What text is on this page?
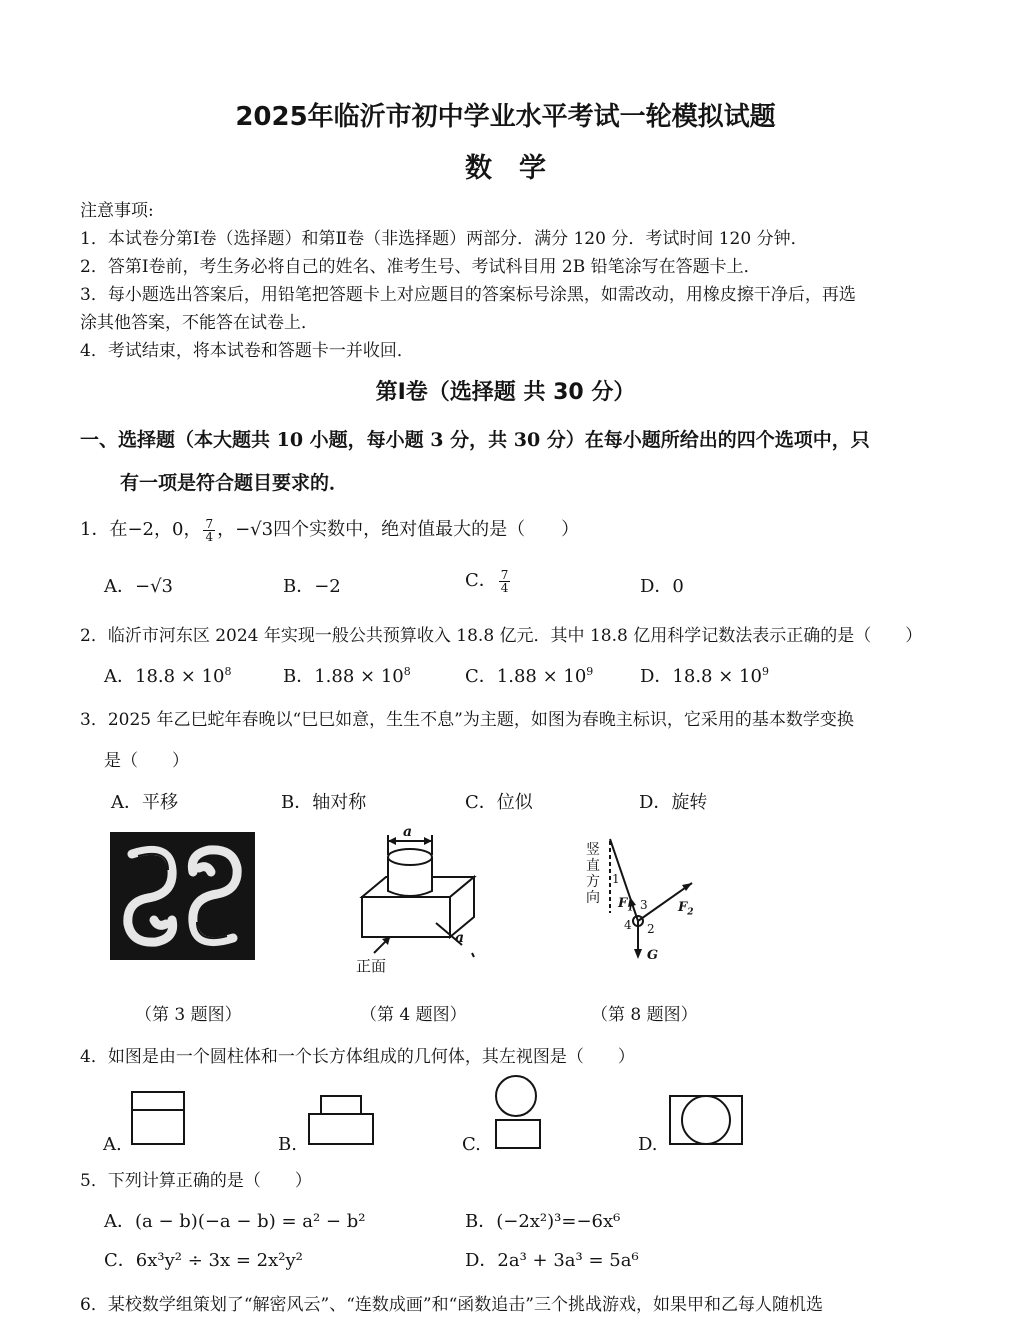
2025年临沂市初中学业水平考试一轮模拟试题
数　学
注意事项:
1．本试卷分第Ⅰ卷（选择题）和第Ⅱ卷（非选择题）两部分．满分 120 分．考试时间 120 分钟．
2．答第Ⅰ卷前，考生务必将自己的姓名、准考生号、考试科目用 2B 铅笔涂写在答题卡上．
3．每小题选出答案后，用铅笔把答题卡上对应题目的答案标号涂黑，如需改动，用橡皮擦干净后，再选
涂其他答案，不能答在试卷上．
4．考试结束，将本试卷和答题卡一并收回．
第Ⅰ卷（选择题 共 30 分）
一、选择题（本大题共 10 小题，每小题 3 分，共 30 分）在每小题所给出的四个选项中，只
有一项是符合题目要求的．
1．在−2，0， $\frac{7}{4}$ ，−√3四个实数中，绝对值最大的是（　　）
A．−√3	B．−2	C． $\frac{7}{4}$	D．0
2．临沂市河东区 2024 年实现一般公共预算收入 18.8 亿元．其中 18.8 亿用科学记数法表示正确的是（　　）
A．$18.8 \times 10^8$	B．$1.88 \times 10^8$	C．$1.88 \times 10^9$	D．$18.8 \times 10^9$
3．2025 年乙巳蛇年春晚以“巳巳如意，生生不息”为主题，如图为春晚主标识，它采用的基本数学变换
是（　　）
A．平移	B．轴对称	C．位似	D．旋转
a
a
正面
竖
直
方
向
1
3
4 2
$F_1$	$F_2$
G
（第 3 题图）	（第 4 题图）	（第 8 题图）
4．如图是由一个圆柱体和一个长方体组成的几何体，其左视图是（　　）
A.	B.	C.	D.
5．下列计算正确的是（　　）
A．(a − b)(−a − b) = a² − b²	B．(−2x²)³=−6x⁶
C．6x³y² ÷ 3x = 2x²y²	D．2a³ + 3a³ = 5a⁶
6．某校数学组策划了“解密风云”、“连数成画”和“函数追击”三个挑战游戏，如果甲和乙每人随机选
